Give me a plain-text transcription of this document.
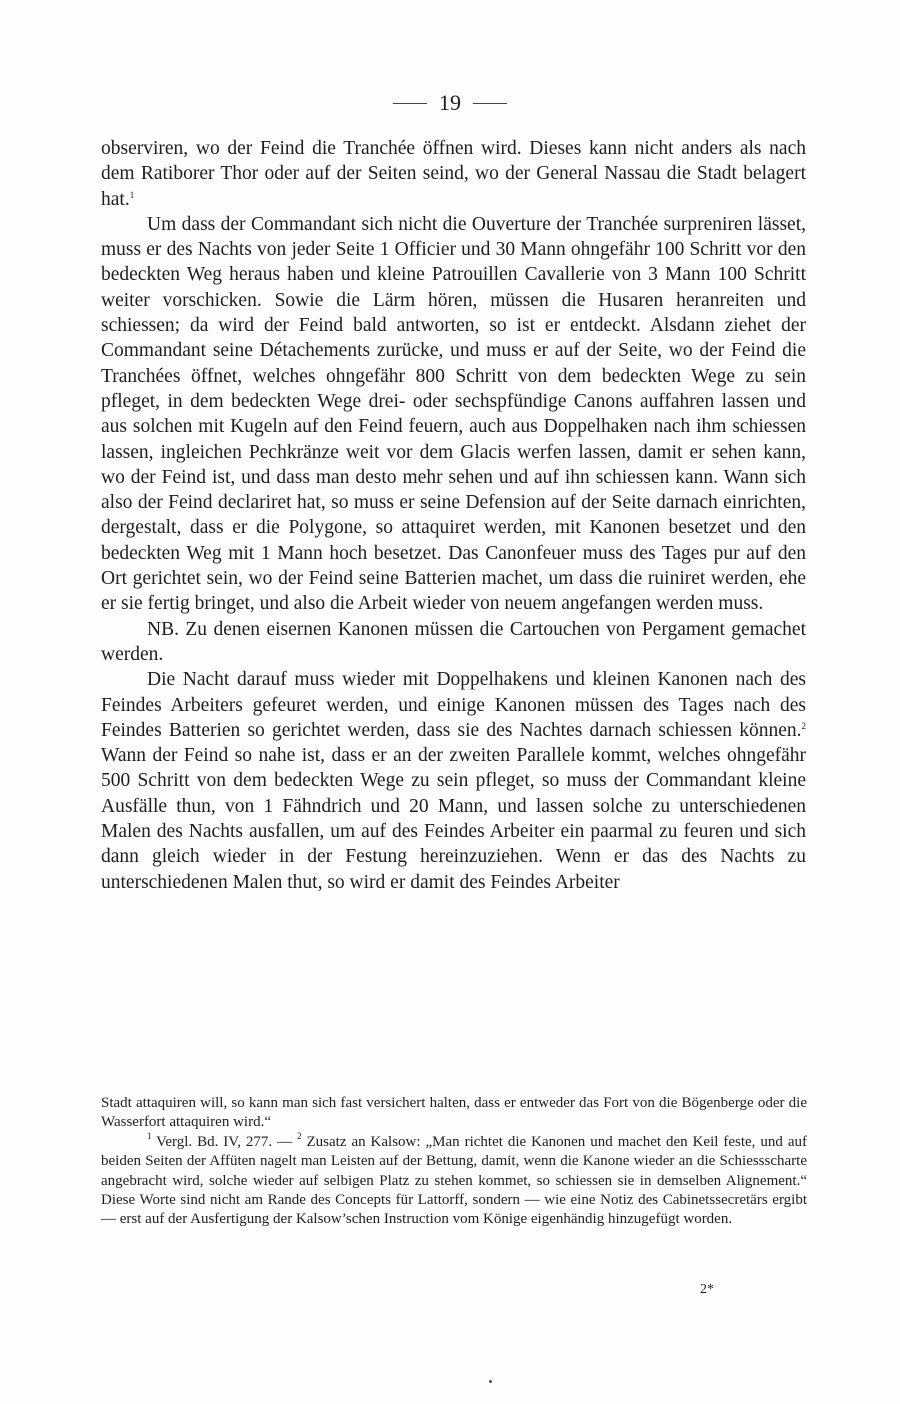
19

observiren, wo der Feind die Tranchée öffnen wird. Dieses kann nicht anders als nach dem Ratiborer Thor oder auf der Seiten seind, wo der General Nassau die Stadt belagert hat.$^1$

Um dass der Commandant sich nicht die Ouverture der Tranchée surpreniren lässet, muss er des Nachts von jeder Seite 1 Officier und 30 Mann ohngefähr 100 Schritt vor den bedeckten Weg heraus haben und kleine Patrouillen Cavallerie von 3 Mann 100 Schritt weiter vorschicken. Sowie die Lärm hören, müssen die Husaren heranreiten und schiessen; da wird der Feind bald antworten, so ist er entdeckt. Alsdann ziehet der Commandant seine Détachements zurücke, und muss er auf der Seite, wo der Feind die Tranchées öffnet, welches ohngefähr 800 Schritt von dem bedeckten Wege zu sein pfleget, in dem bedeckten Wege drei- oder sechspfündige Canons auffahren lassen und aus solchen mit Kugeln auf den Feind feuern, auch aus Doppelhaken nach ihm schiessen lassen, ingleichen Pechkränze weit vor dem Glacis werfen lassen, damit er sehen kann, wo der Feind ist, und dass man desto mehr sehen und auf ihn schiessen kann. Wann sich also der Feind declariret hat, so muss er seine Defension auf der Seite darnach einrichten, dergestalt, dass er die Polygone, so attaquiret werden, mit Kanonen besetzet und den bedeckten Weg mit 1 Mann hoch besetzet. Das Canonfeuer muss des Tages pur auf den Ort gerichtet sein, wo der Feind seine Batterien machet, um dass die ruiniret werden, ehe er sie fertig bringet, und also die Arbeit wieder von neuem angefangen werden muss.

NB. Zu denen eisernen Kanonen müssen die Cartouchen von Pergament gemachet werden.

Die Nacht darauf muss wieder mit Doppelhakens und kleinen Kanonen nach des Feindes Arbeiters gefeuret werden, und einige Kanonen müssen des Tages nach des Feindes Batterien so gerichtet werden, dass sie des Nachtes darnach schiessen können.$^2$ Wann der Feind so nahe ist, dass er an der zweiten Parallele kommt, welches ohngefähr 500 Schritt von dem bedeckten Wege zu sein pfleget, so muss der Commandant kleine Ausfälle thun, von 1 Fähndrich und 20 Mann, und lassen solche zu unterschiedenen Malen des Nachts ausfallen, um auf des Feindes Arbeiter ein paarmal zu feuren und sich dann gleich wieder in der Festung hereinzuziehen. Wenn er das des Nachts zu unterschiedenen Malen thut, so wird er damit des Feindes Arbeiter

Stadt attaquiren will, so kann man sich fast versichert halten, dass er entweder das Fort von die Bögenberge oder die Wasserfort attaquiren wird.“

$^1$ Vergl. Bd. IV, 277. — $^2$ Zusatz an Kalsow: „Man richtet die Kanonen und machet den Keil feste, und auf beiden Seiten der Affüten nagelt man Leisten auf der Bettung, damit, wenn die Kanone wieder an die Schiessscharte angebracht wird, solche wieder auf selbigen Platz zu stehen kommet, so schiessen sie in demselben Alignement.“ Diese Worte sind nicht am Rande des Concepts für Lattorff, sondern — wie eine Notiz des Cabinetssecretärs ergibt — erst auf der Ausfertigung der Kalsow’schen Instruction vom Könige eigenhändig hinzugefügt worden.

2*
